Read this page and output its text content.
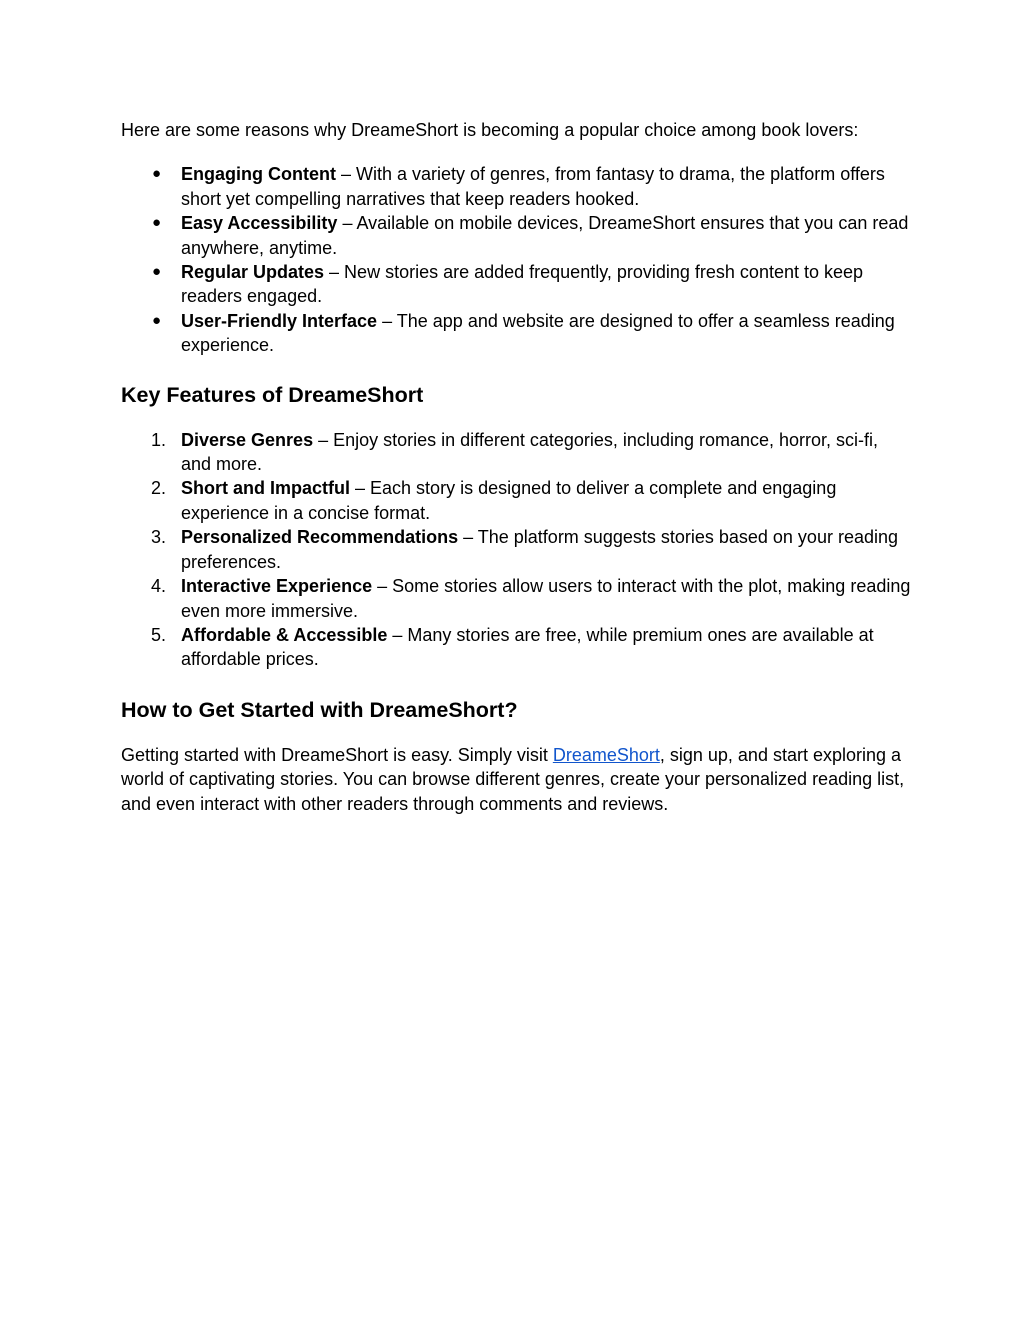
Here are some reasons why DreameShort is becoming a popular choice among book lovers:

● Engaging Content – With a variety of genres, from fantasy to drama, the platform offers short yet compelling narratives that keep readers hooked.
● Easy Accessibility – Available on mobile devices, DreameShort ensures that you can read anywhere, anytime.
● Regular Updates – New stories are added frequently, providing fresh content to keep readers engaged.
● User-Friendly Interface – The app and website are designed to offer a seamless reading experience.
Key Features of DreameShort
1. Diverse Genres – Enjoy stories in different categories, including romance, horror, sci-fi, and more.
2. Short and Impactful – Each story is designed to deliver a complete and engaging experience in a concise format.
3. Personalized Recommendations – The platform suggests stories based on your reading preferences.
4. Interactive Experience – Some stories allow users to interact with the plot, making reading even more immersive.
5. Affordable & Accessible – Many stories are free, while premium ones are available at affordable prices.
How to Get Started with DreameShort?

Getting started with DreameShort is easy. Simply visit DreameShort, sign up, and start exploring a world of captivating stories. You can browse different genres, create your personalized reading list, and even interact with other readers through comments and reviews.
